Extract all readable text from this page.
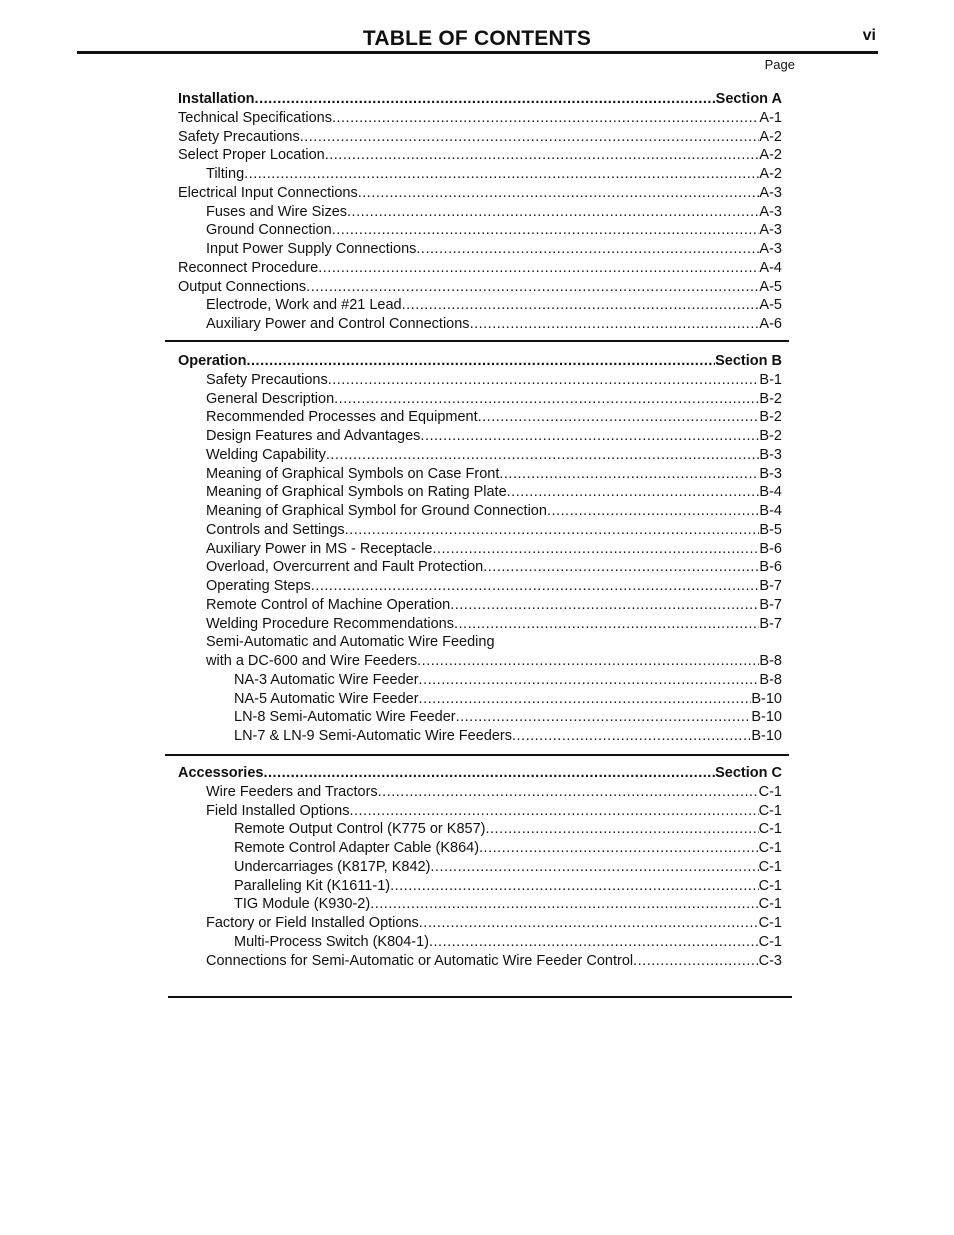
TABLE OF CONTENTS	vi
Page
Installation .....	Section A
Technical Specifications .....	A-1
Safety Precautions .....	A-2
Select Proper Location .....	A-2
Tilting .....	A-2
Electrical Input Connections .....	A-3
Fuses and Wire Sizes .....	A-3
Ground Connection .....	A-3
Input Power Supply Connections .....	A-3
Reconnect Procedure .....	A-4
Output Connections .....	A-5
Electrode, Work and #21 Lead .....	A-5
Auxiliary Power and Control Connections .....	A-6
Operation .....	Section B
Safety Precautions .....	B-1
General Description .....	B-2
Recommended Processes and Equipment .....	B-2
Design Features and Advantages .....	B-2
Welding Capability .....	B-3
Meaning of Graphical Symbols on Case Front .....	B-3
Meaning of Graphical Symbols on Rating Plate .....	B-4
Meaning of Graphical Symbol for Ground Connection .....	B-4
Controls and Settings .....	B-5
Auxiliary Power in MS - Receptacle .....	B-6
Overload, Overcurrent and Fault Protection .....	B-6
Operating Steps .....	B-7
Remote Control of Machine Operation .....	B-7
Welding Procedure Recommendations .....	B-7
Semi-Automatic and Automatic Wire Feeding
with a DC-600 and Wire Feeders .....	B-8
NA-3 Automatic Wire Feeder .....	B-8
NA-5 Automatic Wire Feeder .....	B-10
LN-8 Semi-Automatic Wire Feeder .....	B-10
LN-7 & LN-9 Semi-Automatic Wire Feeders .....	B-10
Accessories .....	Section C
Wire Feeders and Tractors .....	C-1
Field Installed Options .....	C-1
Remote Output Control (K775 or K857) .....	C-1
Remote Control Adapter Cable (K864) .....	C-1
Undercarriages (K817P, K842) .....	C-1
Paralleling Kit (K1611-1) .....	C-1
TIG Module (K930-2) .....	C-1
Factory or Field Installed Options .....	C-1
Multi-Process Switch (K804-1) .....	C-1
Connections for Semi-Automatic or Automatic Wire Feeder Control .....	C-3
